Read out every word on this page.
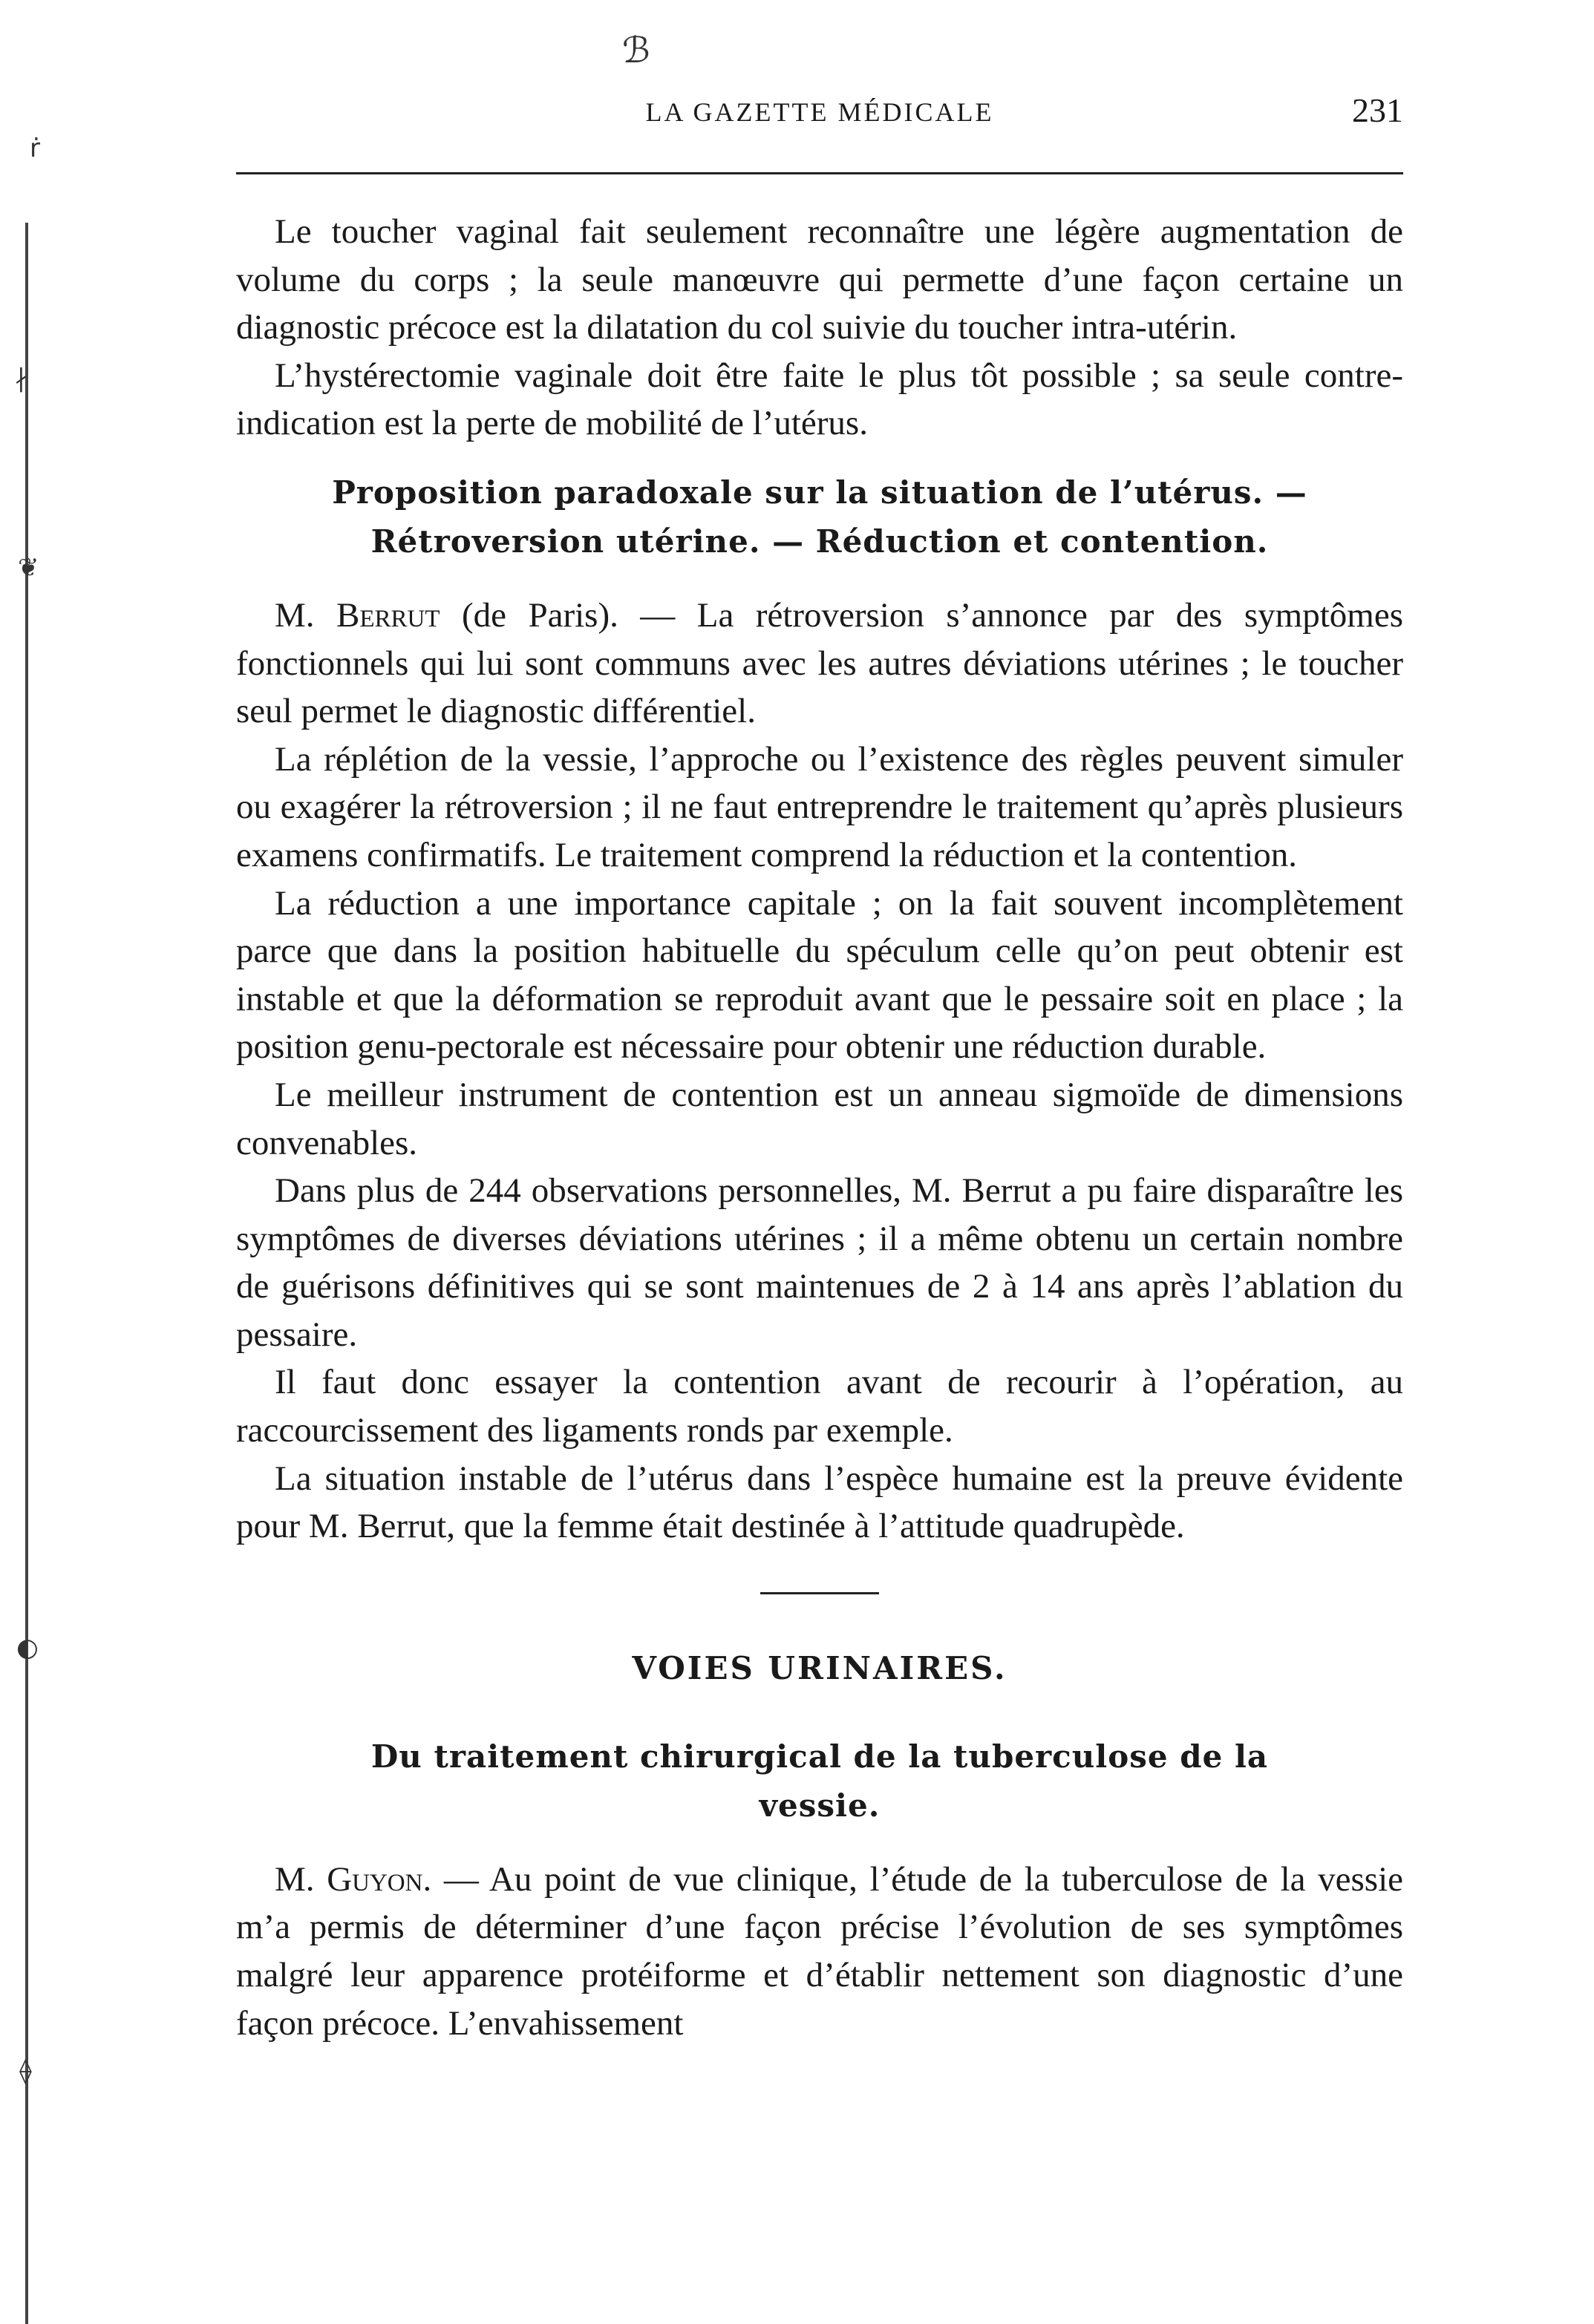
ṙ
∤
❦
◐
⟠
ℬ
LA GAZETTE MÉDICALE	231

Le toucher vaginal fait seulement reconnaître une légère augmentation de volume du corps ; la seule manœuvre qui permette d’une façon certaine un diagnostic précoce est la dilatation du col suivie du toucher intra-utérin.

L’hystérectomie vaginale doit être faite le plus tôt possible ; sa seule contre-indication est la perte de mobilité de l’utérus.

Proposition paradoxale sur la situation de l’utérus. —
Rétroversion utérine. — Réduction et contention.

M. Berrut (de Paris). — La rétroversion s’annonce par des symptômes fonctionnels qui lui sont communs avec les autres déviations utérines ; le toucher seul permet le diagnostic différentiel.

La réplétion de la vessie, l’approche ou l’existence des règles peuvent simuler ou exagérer la rétroversion ; il ne faut entreprendre le traitement qu’après plusieurs examens confirmatifs. Le traitement comprend la réduction et la contention.

La réduction a une importance capitale ; on la fait souvent incomplètement parce que dans la position habituelle du spéculum celle qu’on peut obtenir est instable et que la déformation se reproduit avant que le pessaire soit en place ; la position genu-pectorale est nécessaire pour obtenir une réduction durable.

Le meilleur instrument de contention est un anneau sigmoïde de dimensions convenables.

Dans plus de 244 observations personnelles, M. Berrut a pu faire disparaître les symptômes de diverses déviations utérines ; il a même obtenu un certain nombre de guérisons définitives qui se sont maintenues de 2 à 14 ans après l’ablation du pessaire.

Il faut donc essayer la contention avant de recourir à l’opération, au raccourcissement des ligaments ronds par exemple.

La situation instable de l’utérus dans l’espèce humaine est la preuve évidente pour M. Berrut, que la femme était destinée à l’attitude quadrupède.

VOIES URINAIRES.
Du traitement chirurgical de la tuberculose de la
vessie.

M. Guyon. — Au point de vue clinique, l’étude de la tuberculose de la vessie m’a permis de déterminer d’une façon précise l’évolution de ses symptômes malgré leur apparence protéiforme et d’établir nettement son diagnostic d’une façon précoce. L’envahissement
